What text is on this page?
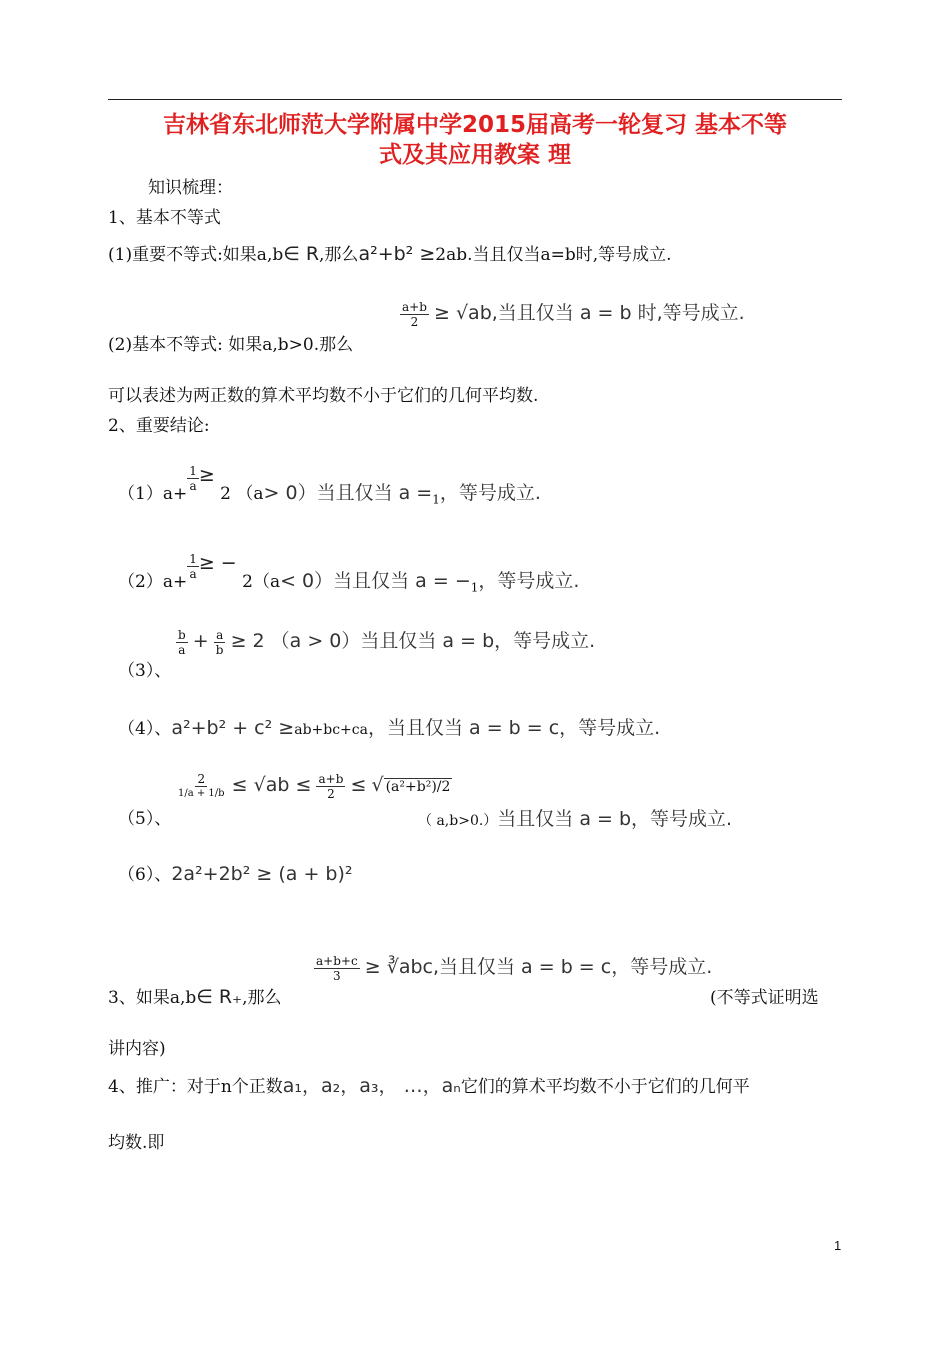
吉林省东北师范大学附属中学2015届高考一轮复习 基本不等
式及其应用教案 理
知识梳理：
1、基本不等式
(1)重要不等式:如果a,b∈ R,那么a²+b² ≥2ab.当且仅当a=b时,等号成立.
$\frac{a+b}{2} \ge √ab$,当且仅当 a = b 时,等号成立.
(2)基本不等式: 如果a,b>0.那么
可以表述为两正数的算术平均数不小于它们的几何平均数.
2、重要结论:
（1）a+
$\frac{1}{a} \ge 2$ （a> 0）当且仅当 $a =_1$，等号成立.
（2）a+
$\frac{1}{a}$ ≥ − 2（a< 0）当且仅当 $a = -_1$，等号成立.
$\frac{b}{a} + \frac{a}{b} \ge 2$ （a > 0）当且仅当 a = b，等号成立.
（3）、
（4）、a²+b² + c² ≥ab+bc+ca，当且仅当 a = b = c，等号成立.
$\frac{2}{1/a + 1/b} \le √ab \le \frac{a+b}{2}$ ≤ √ (a²+b²)/2
（5）、	（ a,b>0.）当且仅当 a = b，等号成立.
（6）、2a²+2b² ≥ (a + b)²
$\frac{a+b+c}{3}$ ≥ ∛abc,当且仅当 a = b = c，等号成立.
3、如果a,b∈ R₊,那么	(不等式证明选
讲内容)
4、推广：对于n个正数a₁，a₂，a₃， …，aₙ它们的算术平均数不小于它们的几何平
均数.即
1
